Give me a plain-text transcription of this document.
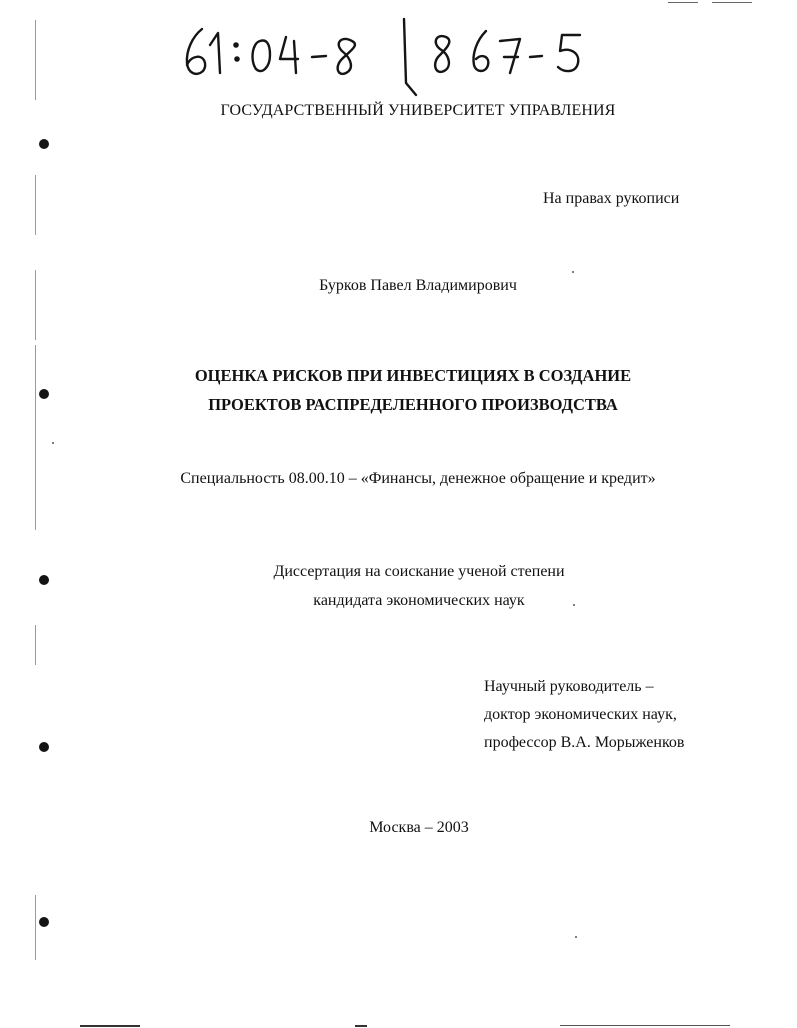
ГОСУДАРСТВЕННЫЙ УНИВЕРСИТЕТ УПРАВЛЕНИЯ
На правах рукописи
Бурков Павел Владимирович
ОЦЕНКА РИСКОВ ПРИ ИНВЕСТИЦИЯХ В СОЗДАНИЕ
ПРОЕКТОВ РАСПРЕДЕЛЕННОГО ПРОИЗВОДСТВА
Специальность 08.00.10 – «Финансы, денежное обращение и кредит»
Диссертация на соискание ученой степени
кандидата экономических наук
Научный руководитель –
доктор экономических наук,
профессор В.А. Морыженков
Москва – 2003
